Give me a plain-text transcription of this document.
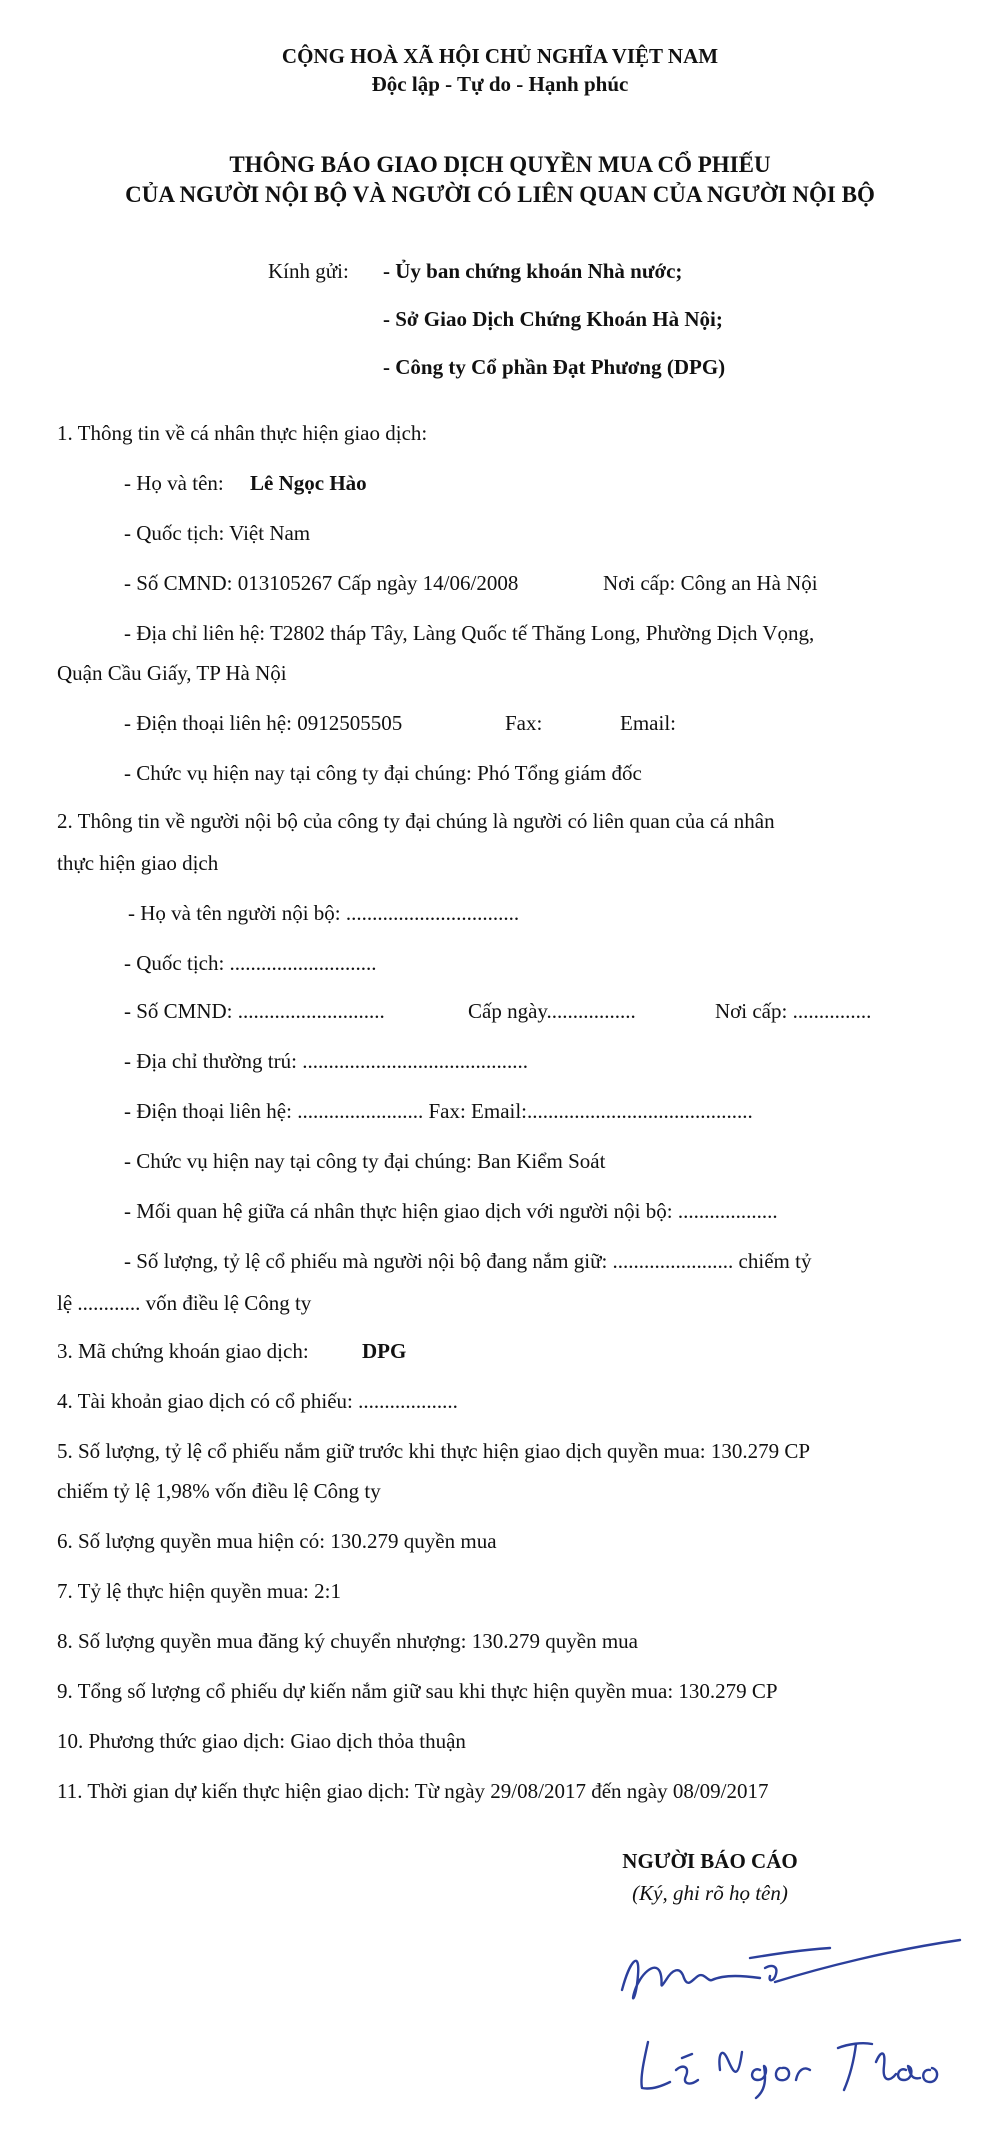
CỘNG HOÀ XÃ HỘI CHỦ NGHĨA VIỆT NAM
Độc lập - Tự do - Hạnh phúc
THÔNG BÁO GIAO DỊCH QUYỀN MUA CỔ PHIẾU
CỦA NGƯỜI NỘI BỘ VÀ NGƯỜI CÓ LIÊN QUAN CỦA NGƯỜI NỘI BỘ
Kính gửi: - Ủy ban chứng khoán Nhà nước;
- Sở Giao Dịch Chứng Khoán Hà Nội;
- Công ty Cổ phần Đạt Phương (DPG)
1. Thông tin về cá nhân thực hiện giao dịch:
- Họ và tên: Lê Ngọc Hào
- Quốc tịch: Việt Nam
- Số CMND: 013105267 Cấp ngày 14/06/2008	Nơi cấp: Công an Hà Nội
- Địa chỉ liên hệ: T2802 tháp Tây, Làng Quốc tế Thăng Long, Phường Dịch Vọng,
Quận Cầu Giấy, TP Hà Nội
- Điện thoại liên hệ: 0912505505	Fax:	Email:
- Chức vụ hiện nay tại công ty đại chúng: Phó Tổng giám đốc
2. Thông tin về người nội bộ của công ty đại chúng là người có liên quan của cá nhân
thực hiện giao dịch
- Họ và tên người nội bộ: .................................
- Quốc tịch: ............................
- Số CMND: ............................	Cấp ngày.................	Nơi cấp: ...............
- Địa chỉ thường trú: ...........................................
- Điện thoại liên hệ: ........................ Fax: Email:...........................................
- Chức vụ hiện nay tại công ty đại chúng: Ban Kiểm Soát
- Mối quan hệ giữa cá nhân thực hiện giao dịch với người nội bộ: ...................
- Số lượng, tỷ lệ cổ phiếu mà người nội bộ đang nắm giữ: ....................... chiếm tỷ
lệ ............ vốn điều lệ Công ty
3. Mã chứng khoán giao dịch:	DPG
4. Tài khoản giao dịch có cổ phiếu: ...................
5. Số lượng, tỷ lệ cổ phiếu nắm giữ trước khi thực hiện giao dịch quyền mua: 130.279 CP
chiếm tỷ lệ 1,98% vốn điều lệ Công ty
6. Số lượng quyền mua hiện có: 130.279 quyền mua
7. Tỷ lệ thực hiện quyền mua: 2:1
8. Số lượng quyền mua đăng ký chuyển nhượng: 130.279 quyền mua
9. Tổng số lượng cổ phiếu dự kiến nắm giữ sau khi thực hiện quyền mua: 130.279 CP
10. Phương thức giao dịch: Giao dịch thỏa thuận
11. Thời gian dự kiến thực hiện giao dịch: Từ ngày 29/08/2017 đến ngày 08/09/2017
NGƯỜI BÁO CÁO
(Ký, ghi rõ họ tên)
